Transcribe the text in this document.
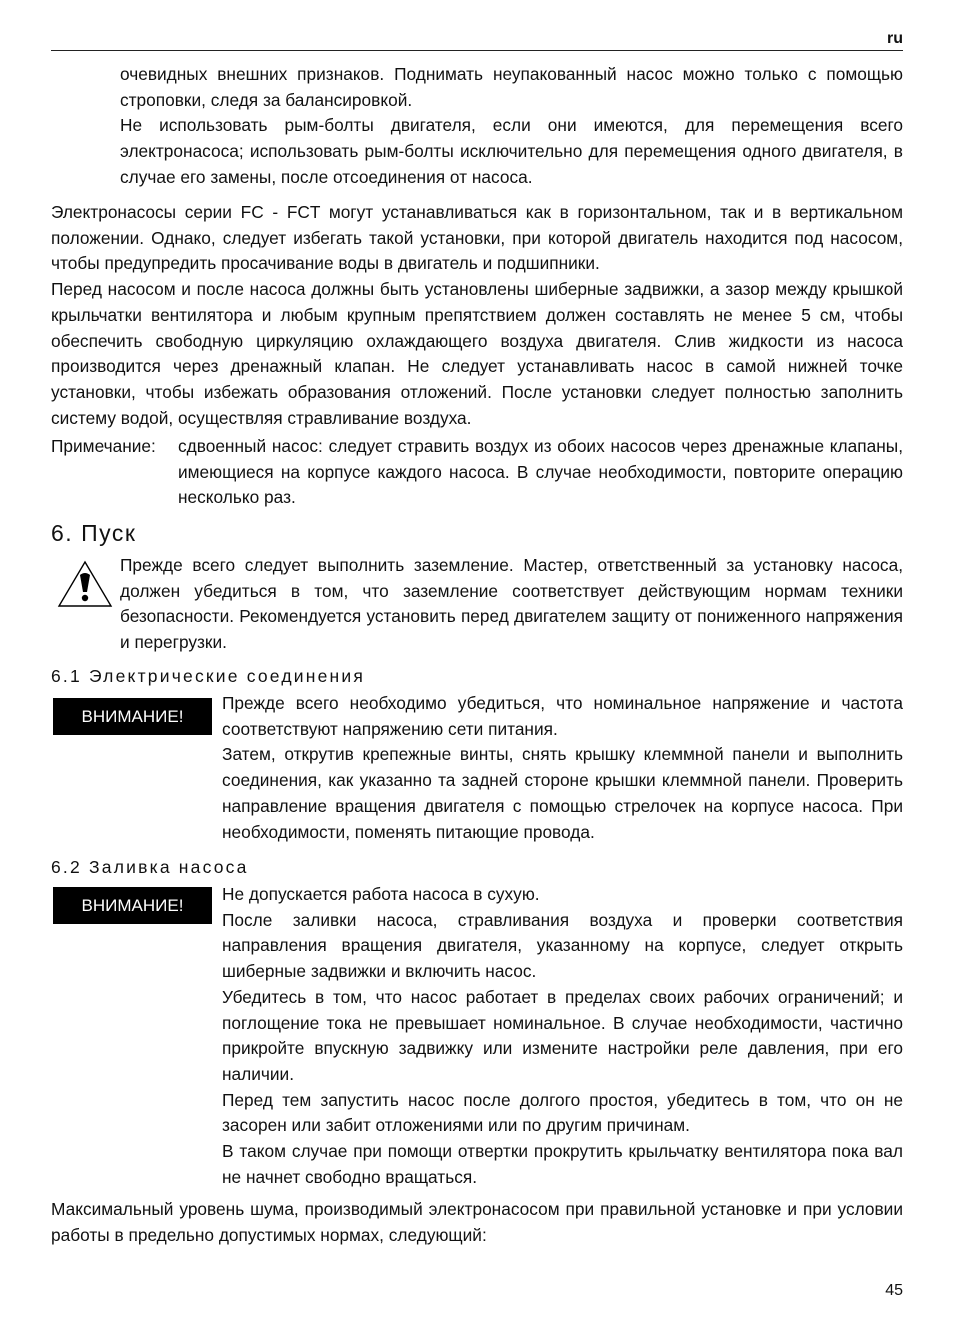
ru

очевидных внешних признаков. Поднимать неупакованный насос можно только с помощью строповки, следя за балансировкой.

Не использовать рым-болты двигателя, если они имеются, для перемещения всего электронасоса; использовать рым-болты исключительно для перемещения одного двигателя, в случае его замены, после отсоединения от насоса.

Электронасосы серии FC - FCT могут устанавливаться как в горизонтальном, так и в вертикальном положении. Однако, следует избегать такой установки, при которой двигатель находится под насосом, чтобы предупредить просачивание воды в двигатель и подшипники.

Перед насосом и после насоса должны быть установлены шиберные задвижки, а зазор между крышкой крыльчатки вентилятора и любым крупным препятствием должен составлять не менее 5 см, чтобы обеспечить свободную циркуляцию охлаждающего воздуха двигателя. Слив жидкости из насоса производится через дренажный клапан. Не следует устанавливать насос в самой нижней точке установки, чтобы избежать образования отложений. После установки следует полностью заполнить систему водой, осуществляя стравливание воздуха.

Примечание: сдвоенный насос: следует стравить воздух из обоих насосов через дренажные клапаны, имеющиеся на корпусе каждого насоса. В случае необходимости, повторите операцию несколько раз.
6. Пуск
Прежде всего следует выполнить заземление. Мастер, ответственный за установку насоса, должен убедиться в том, что заземление соответствует действующим нормам техники безопасности. Рекомендуется установить перед двигателем защиту от пониженного напряжения и перегрузки.
6.1 Электрические соединения
ВНИМАНИЕ!

Прежде всего необходимо убедиться, что номинальное напряжение и частота соответствуют напряжению сети питания.

Затем, открутив крепежные винты, снять крышку клеммной панели и выполнить соединения, как указанно та задней стороне крышки клеммной панели. Проверить направление вращения двигателя с помощью стрелочек на корпусе насоса. При необходимости, поменять питающие провода.

6.2 Заливка насоса
ВНИМАНИЕ!

Не допускается работа насоса в сухую.

После заливки насоса, стравливания воздуха и проверки соответствия направления вращения двигателя, указанному на корпусе, следует открыть шиберные задвижки и включить насос.

Убедитесь в том, что насос работает в пределах своих рабочих ограничений; и поглощение тока не превышает номинальное. В случае необходимости, частично прикройте впускную задвижку или измените настройки реле давления, при его наличии.

Перед тем запустить насос после долгого простоя, убедитесь в том, что он не засорен или забит отложениями или по другим причинам.

В таком случае при помощи отвертки прокрутить крыльчатку вентилятора пока вал не начнет свободно вращаться.

Максимальный уровень шума, производимый электронасосом при правильной установке и при условии работы в предельно допустимых нормах, следующий:

45
